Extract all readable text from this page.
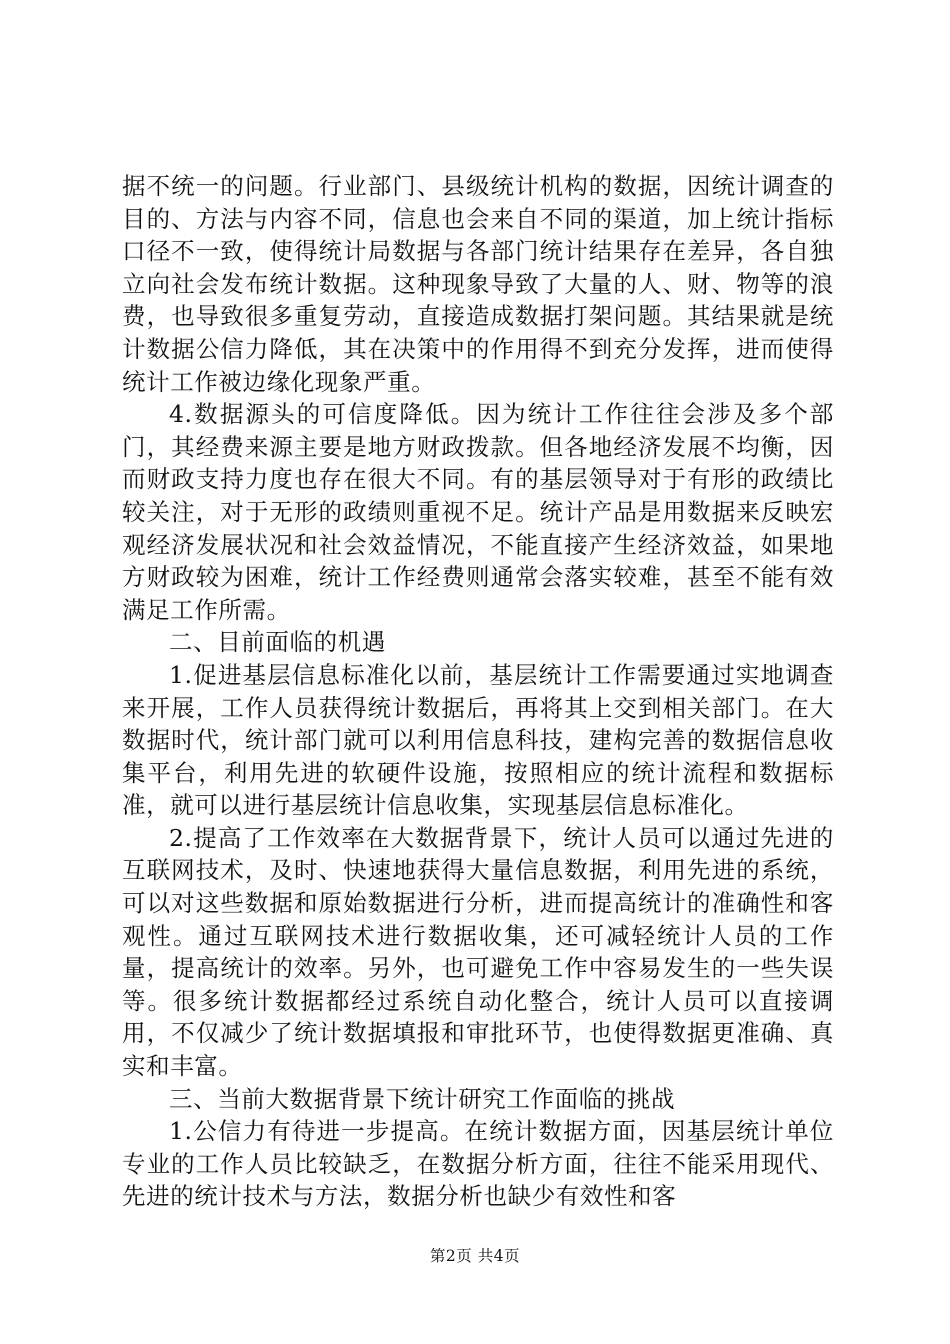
据不统一的问题。行业部门、县级统计机构的数据，因统计调查的目的、方法与内容不同，信息也会来自不同的渠道，加上统计指标口径不一致，使得统计局数据与各部门统计结果存在差异，各自独立向社会发布统计数据。这种现象导致了大量的人、财、物等的浪费，也导致很多重复劳动，直接造成数据打架问题。其结果就是统计数据公信力降低，其在决策中的作用得不到充分发挥，进而使得统计工作被边缘化现象严重。

4.数据源头的可信度降低。因为统计工作往往会涉及多个部门，其经费来源主要是地方财政拨款。但各地经济发展不均衡，因而财政支持力度也存在很大不同。有的基层领导对于有形的政绩比较关注，对于无形的政绩则重视不足。统计产品是用数据来反映宏观经济发展状况和社会效益情况，不能直接产生经济效益，如果地方财政较为困难，统计工作经费则通常会落实较难，甚至不能有效满足工作所需。

二、目前面临的机遇

1.促进基层信息标准化以前，基层统计工作需要通过实地调查来开展，工作人员获得统计数据后，再将其上交到相关部门。在大数据时代，统计部门就可以利用信息科技，建构完善的数据信息收集平台，利用先进的软硬件设施，按照相应的统计流程和数据标准，就可以进行基层统计信息收集，实现基层信息标准化。

2.提高了工作效率在大数据背景下，统计人员可以通过先进的互联网技术，及时、快速地获得大量信息数据，利用先进的系统，可以对这些数据和原始数据进行分析，进而提高统计的准确性和客观性。通过互联网技术进行数据收集，还可减轻统计人员的工作量，提高统计的效率。另外，也可避免工作中容易发生的一些失误等。很多统计数据都经过系统自动化整合，统计人员可以直接调用，不仅减少了统计数据填报和审批环节，也使得数据更准确、真实和丰富。

三、当前大数据背景下统计研究工作面临的挑战

1.公信力有待进一步提高。在统计数据方面，因基层统计单位专业的工作人员比较缺乏，在数据分析方面，往往不能采用现代、先进的统计技术与方法，数据分析也缺少有效性和客

第2页 共4页
